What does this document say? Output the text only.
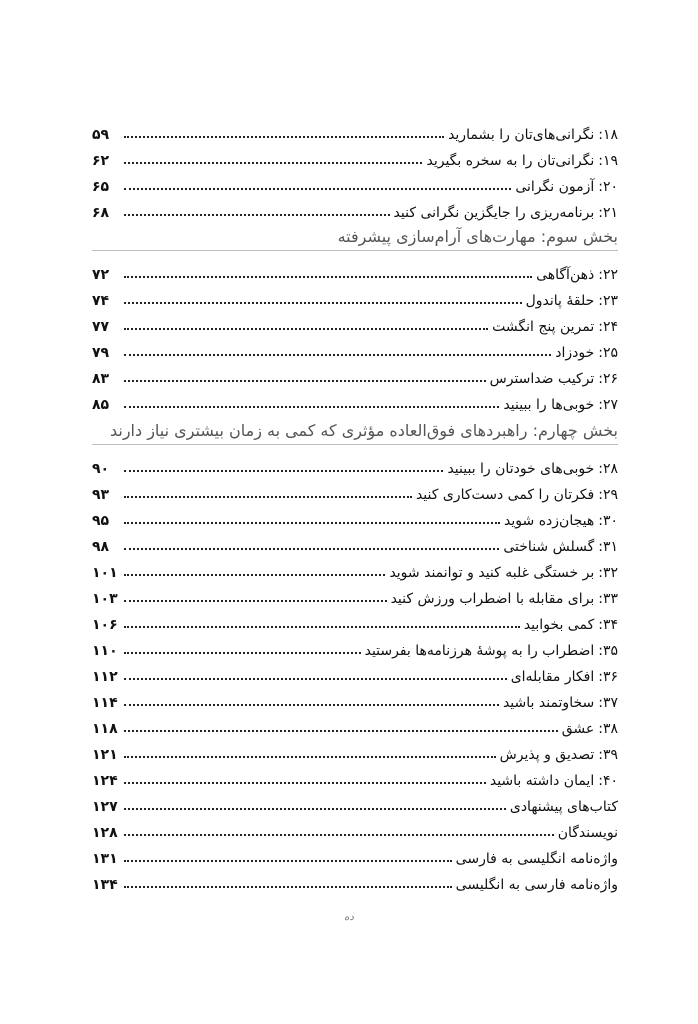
۱۸:
نگرانی‌های‌تان را بشمارید
۵۹
۱۹:
نگرانی‌تان را به سخره بگیرید
۶۲
۲۰:
آزمون نگرانی
۶۵
۲۱:
برنامه‌ریزی را جایگزین نگرانی کنید
۶۸
بخش سوم: مهارت‌های آرام‌سازی پیشرفته
۲۲:
ذهن‌آگاهی
۷۲
۲۳:
حلقهٔ پاندول
۷۴
۲۴:
تمرین پنج انگشت
۷۷
۲۵:
خودزاد
۷۹
۲۶:
ترکیب ضداسترس
۸۳
۲۷:
خوبی‌ها را ببینید
۸۵
بخش چهارم: راهبردهای فوق‌العاده مؤثری که کمی به زمان بیشتری نیاز دارند
۲۸:
خوبی‌های خودتان را ببینید
۹۰
۲۹:
فکرتان را کمی دست‌کاری کنید
۹۳
۳۰:
هیجان‌زده شوید
۹۵
۳۱:
گسلش شناختی
۹۸
۳۲:
بر خستگی غلبه کنید و توانمند شوید
۱۰۱
۳۳:
برای مقابله با اضطراب ورزش کنید
۱۰۳
۳۴:
کمی بخوابید
۱۰۶
۳۵:
اضطراب را به پوشهٔ هرزنامه‌ها بفرستید
۱۱۰
۳۶:
افکار مقابله‌ای
۱۱۲
۳۷:
سخاوتمند باشید
۱۱۴
۳۸:
عشق
۱۱۸
۳۹:
تصدیق و پذیرش
۱۲۱
۴۰:
ایمان داشته باشید
۱۲۴
کتاب‌های پیشنهادی
۱۲۷
نویسندگان
۱۲۸
واژه‌نامه انگلیسی به فارسی
۱۳۱
واژه‌نامه فارسی به انگلیسی
۱۳۴
ده
